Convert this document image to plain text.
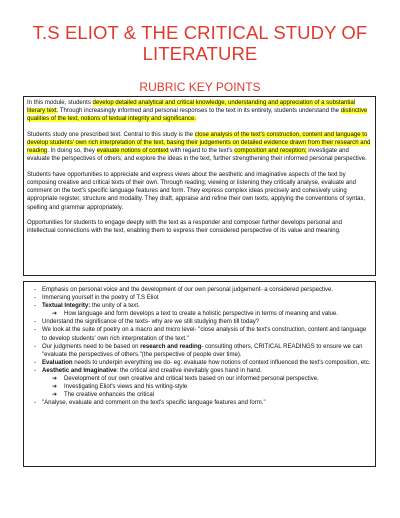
T.S ELIOT & THE CRITICAL STUDY OF
LITERATURE
RUBRIC KEY POINTS

In this module, students develop detailed analytical and critical knowledge, understanding and appreciation of a substantial literary text. Through increasingly informed and personal responses to the text in its entirety, students understand the distinctive qualities of the text, notions of textual integrity and significance.

Students study one prescribed text. Central to this study is the close analysis of the text's construction, content and language to develop students' own rich interpretation of the text, basing their judgements on detailed evidence drawn from their research and reading. In doing so, they evaluate notions of context with regard to the text's composition and reception; investigate and evaluate the perspectives of others; and explore the ideas in the text, further strengthening their informed personal perspective.

Students have opportunities to appreciate and express views about the aesthetic and imaginative aspects of the text by composing creative and critical texts of their own. Through reading, viewing or listening they critically analyse, evaluate and comment on the text's specific language features and form. They express complex ideas precisely and cohesively using appropriate register, structure and modality. They draft, appraise and refine their own texts, applying the conventions of syntax, spelling and grammar appropriately.

Opportunities for students to engage deeply with the text as a responder and composer further develops personal and intellectual connections with the text, enabling them to express their considered perspective of its value and meaning.

- Emphasis on personal voice and the development of our own personal judgement- a considered perspective.
- Immersing yourself in the poetry of T.S Eliot
- Textual Integrity: the unity of a text.
➔ How language and form develops a text to create a holistic perspective in terms of meaning and value.
- Understand the significance of the texts- why are we still studying them till today?
- We look at the suite of poetry on a macro and micro level- "close analysis of the text's construction, content and language to develop students' own rich interpretation of the text."
- Our judgments need to be based on research and reading- consulting others, CRITICAL READINGS to ensure we can "evaluate the perspectives of others."(the perspective of people over time).
- Evaluation needs to underpin everything we do- eg: evaluate how notions of context influenced the text's composition, etc.
- Aesthetic and Imaginative: the critical and creative inevitably goes hand in hand.
➔ Development of our own creative and critical texts based on our informed personal perspective.
➔ Investigating Eliot's views and his writing-style
➔ The creative enhances the critical
- "Analyse, evaluate and comment on the text's specific language features and form."
